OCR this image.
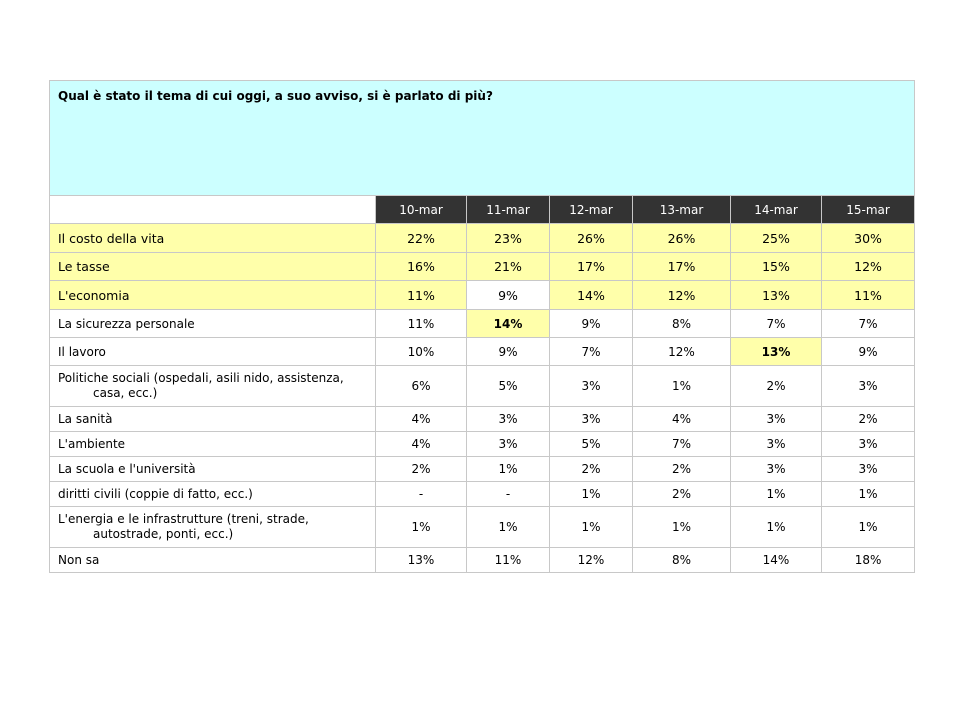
Qual è stato il tema di cui oggi, a suo avviso, si è parlato di più?						
	10-mar	11-mar	12-mar	13-mar	14-mar	15-mar
Il costo della vita	22%	23%	26%	26%	25%	30%
Le tasse	16%	21%	17%	17%	15%	12%
L'economia	11%	9%	14%	12%	13%	11%
La sicurezza personale	11%	14%	9%	8%	7%	7%
Il lavoro	10%	9%	7%	12%	13%	9%
Politiche sociali (ospedali, asili nido, assistenza,
casa, ecc.)	6%	5%	3%	1%	2%	3%
La sanità	4%	3%	3%	4%	3%	2%
L'ambiente	4%	3%	5%	7%	3%	3%
La scuola e l'università	2%	1%	2%	2%	3%	3%
diritti civili (coppie di fatto, ecc.)	-	-	1%	2%	1%	1%
L'energia e le infrastrutture (treni, strade,
autostrade, ponti, ecc.)	1%	1%	1%	1%	1%	1%
Non sa	13%	11%	12%	8%	14%	18%
